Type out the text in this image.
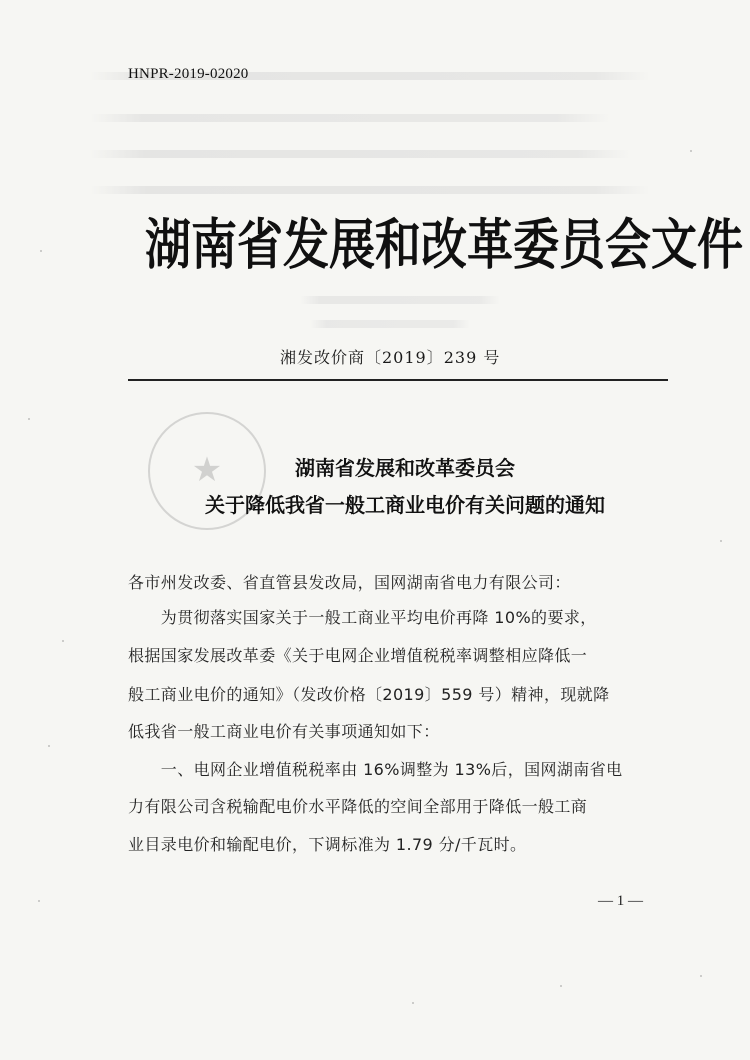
HNPR-2019-02020
湖南省发展和改革委员会文件
湘发改价商〔2019〕239 号
★	湖南省发展和改革委员会
关于降低我省一般工商业电价有关问题的通知
各市州发改委、省直管县发改局，国网湖南省电力有限公司：
　　为贯彻落实国家关于一般工商业平均电价再降 10%的要求，
根据国家发展改革委《关于电网企业增值税税率调整相应降低一
般工商业电价的通知》（发改价格〔2019〕559 号）精神，现就降
低我省一般工商业电价有关事项通知如下：
　　一、电网企业增值税税率由 16%调整为 13%后，国网湖南省电
力有限公司含税输配电价水平降低的空间全部用于降低一般工商
业目录电价和输配电价，下调标准为 1.79 分/千瓦时。
— 1 —
